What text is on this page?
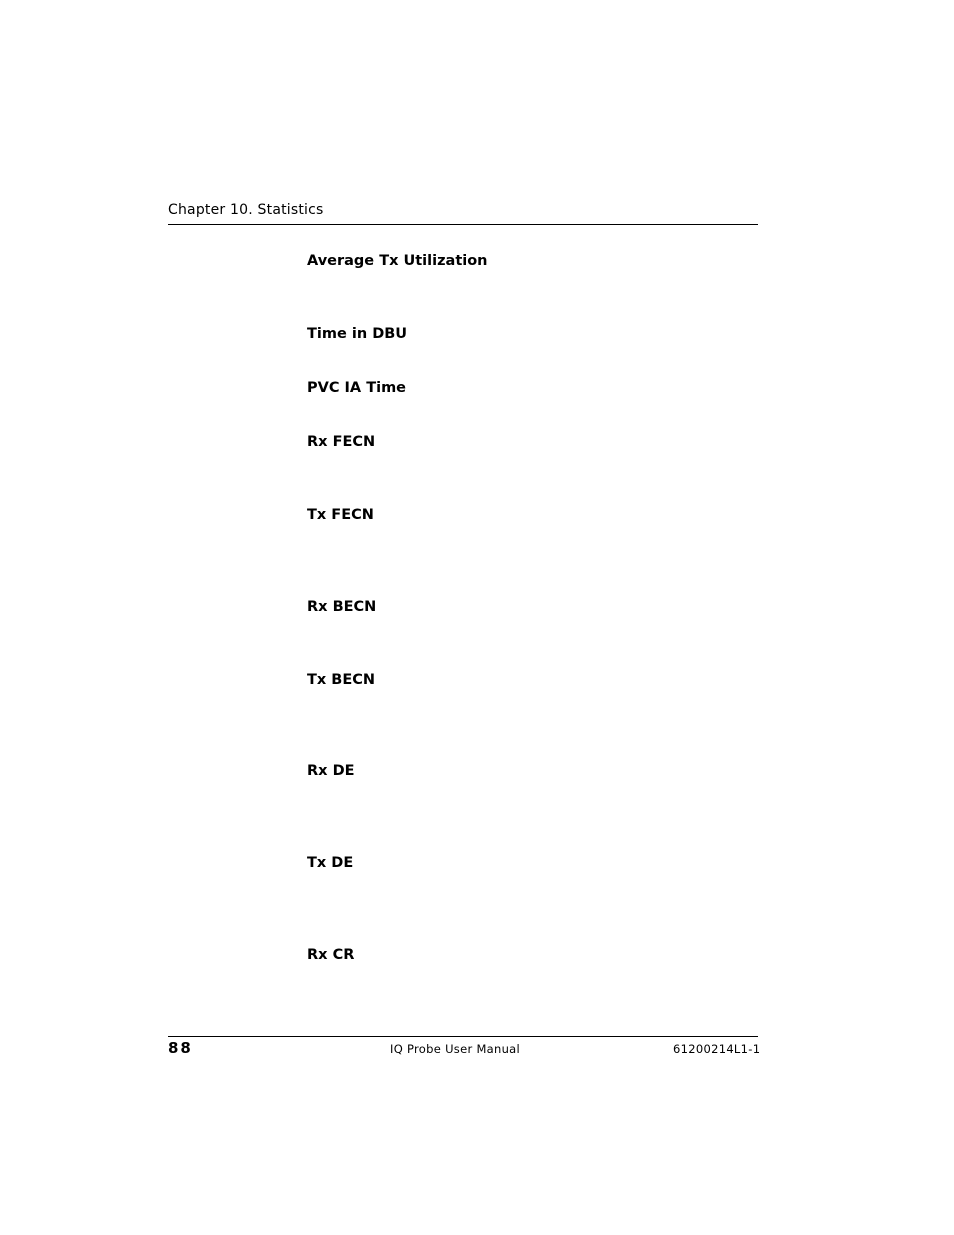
Chapter 10. Statistics
Average Tx Utilization
Time in DBU
PVC IA Time
Rx FECN
Tx FECN
Rx BECN
Tx BECN
Rx DE
Tx DE
Rx CR
88	IQ Probe User Manual	61200214L1-1
